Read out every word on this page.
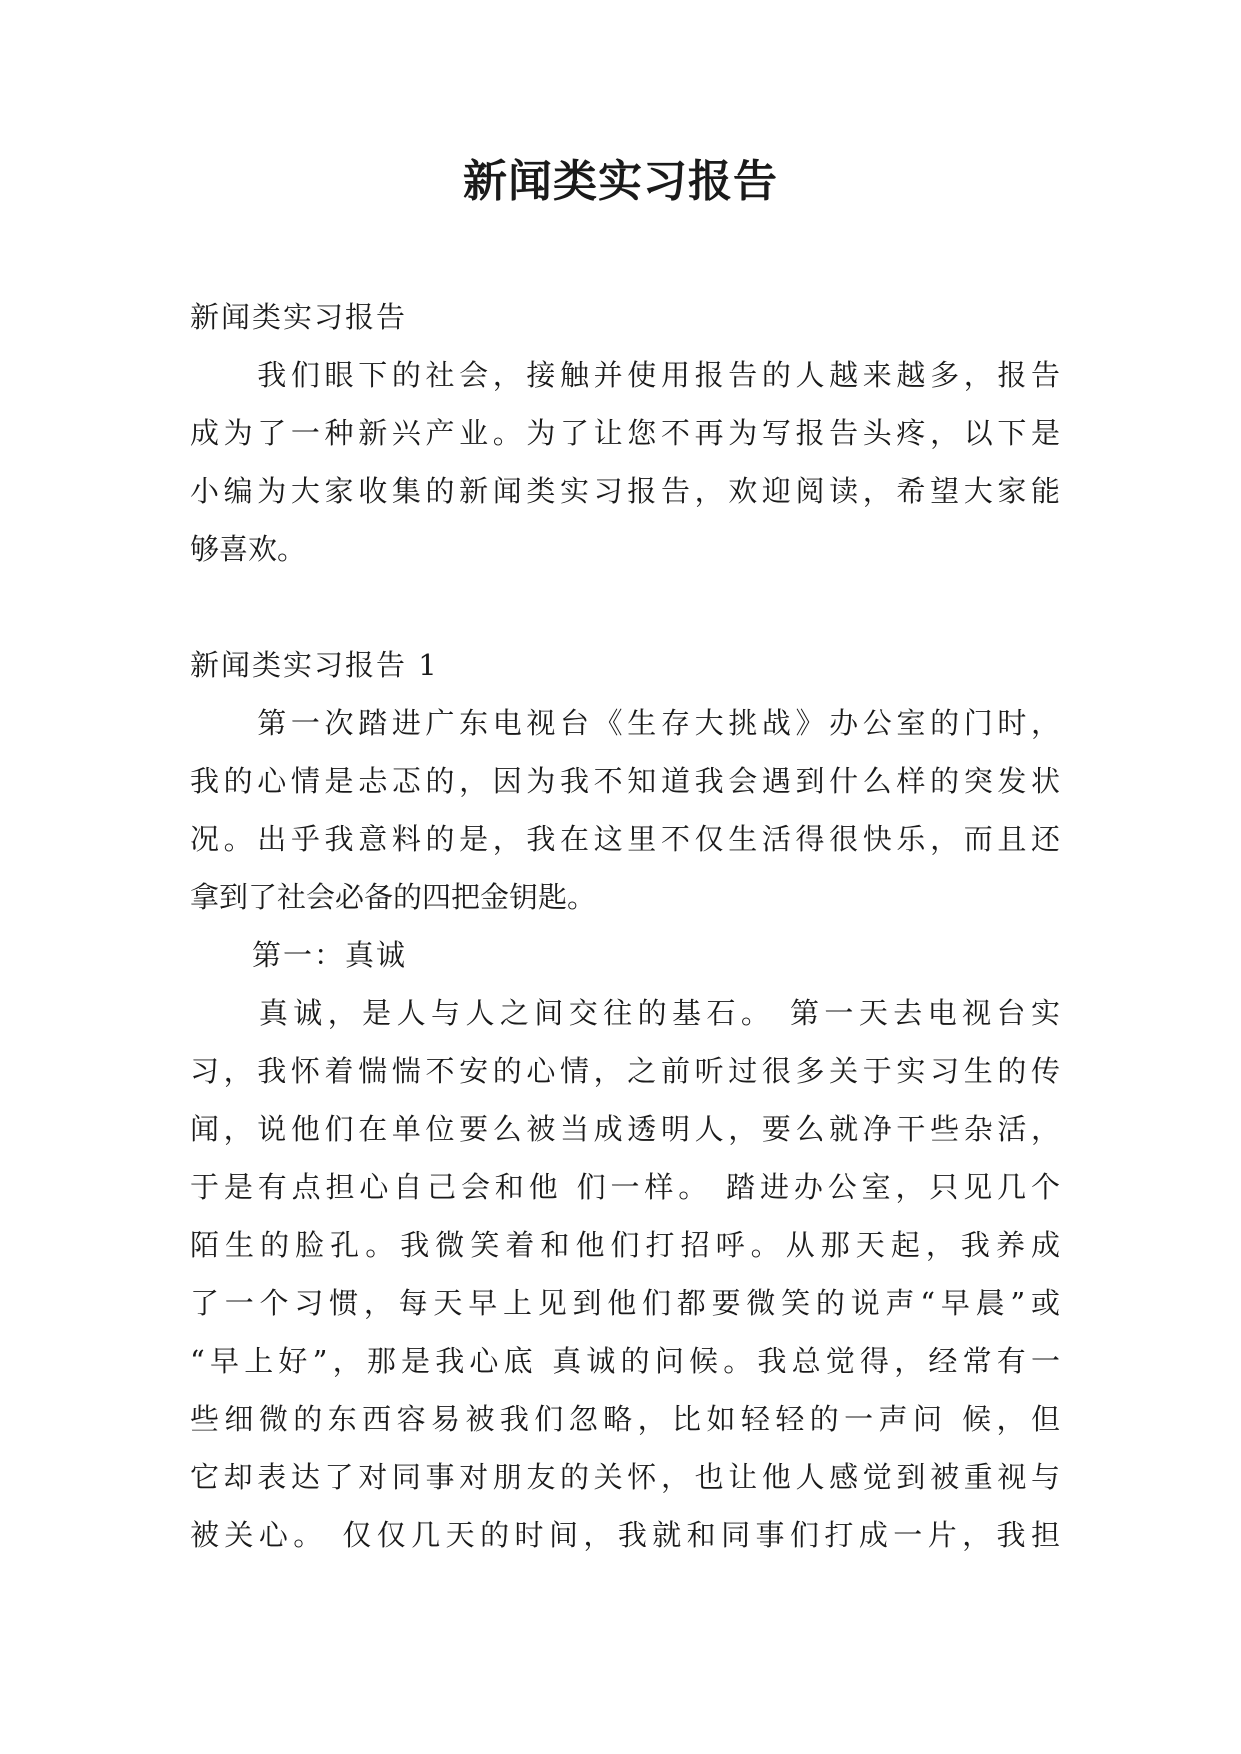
新闻类实习报告
新闻类实习报告
　　我们眼下的社会，接触并使用报告的人越来越多，报告
成为了一种新兴产业。为了让您不再为写报告头疼，以下是
小编为大家收集的新闻类实习报告，欢迎阅读，希望大家能
够喜欢。
新闻类实习报告 1
　　第一次踏进广东电视台《生存大挑战》办公室的门时，
我的心情是忐忑的，因为我不知道我会遇到什么样的突发状
况。出乎我意料的是，我在这里不仅生活得很快乐，而且还
拿到了社会必备的四把金钥匙。
　　第一：真诚
　　真诚，是人与人之间交往的基石。 第一天去电视台实
习，我怀着惴惴不安的心情，之前听过很多关于实习生的传
闻，说他们在单位要么被当成透明人，要么就净干些杂活，
于是有点担心自己会和他 们一样。 踏进办公室，只见几个
陌生的脸孔。我微笑着和他们打招呼。从那天起，我养成
了一个习惯，每天早上见到他们都要微笑的说声“早晨”或
“早上好”，那是我心底 真诚的问候。我总觉得，经常有一
些细微的东西容易被我们忽略，比如轻轻的一声问 候，但
它却表达了对同事对朋友的关怀，也让他人感觉到被重视与
被关心。 仅仅几天的时间，我就和同事们打成一片，我担
